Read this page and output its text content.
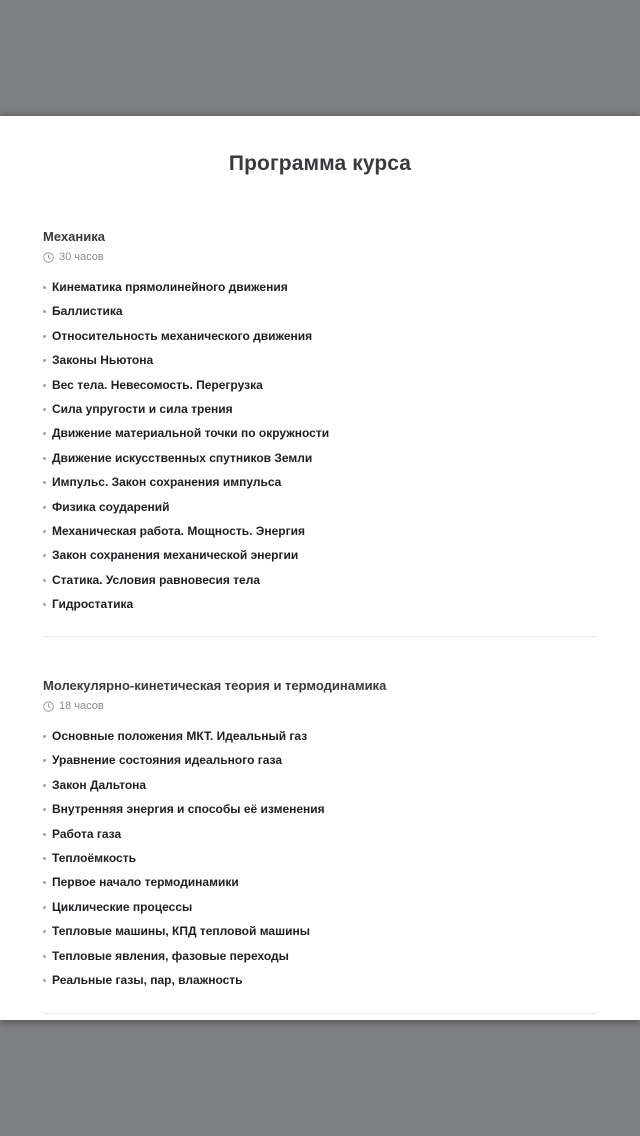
Программа курса
Механика
30 часов
Кинематика прямолинейного движения
Баллистика
Относительность механического движения
Законы Ньютона
Вес тела. Невесомость. Перегрузка
Сила упругости и сила трения
Движение материальной точки по окружности
Движение искусственных спутников Земли
Импульс. Закон сохранения импульса
Физика соударений
Механическая работа. Мощность. Энергия
Закон сохранения механической энергии
Статика. Условия равновесия тела
Гидростатика
Молекулярно-кинетическая теория и термодинамика
18 часов
Основные положения МКТ. Идеальный газ
Уравнение состояния идеального газа
Закон Дальтона
Внутренняя энергия и способы её изменения
Работа газа
Теплоёмкость
Первое начало термодинамики
Циклические процессы
Тепловые машины, КПД тепловой машины
Тепловые явления, фазовые переходы
Реальные газы, пар, влажность
